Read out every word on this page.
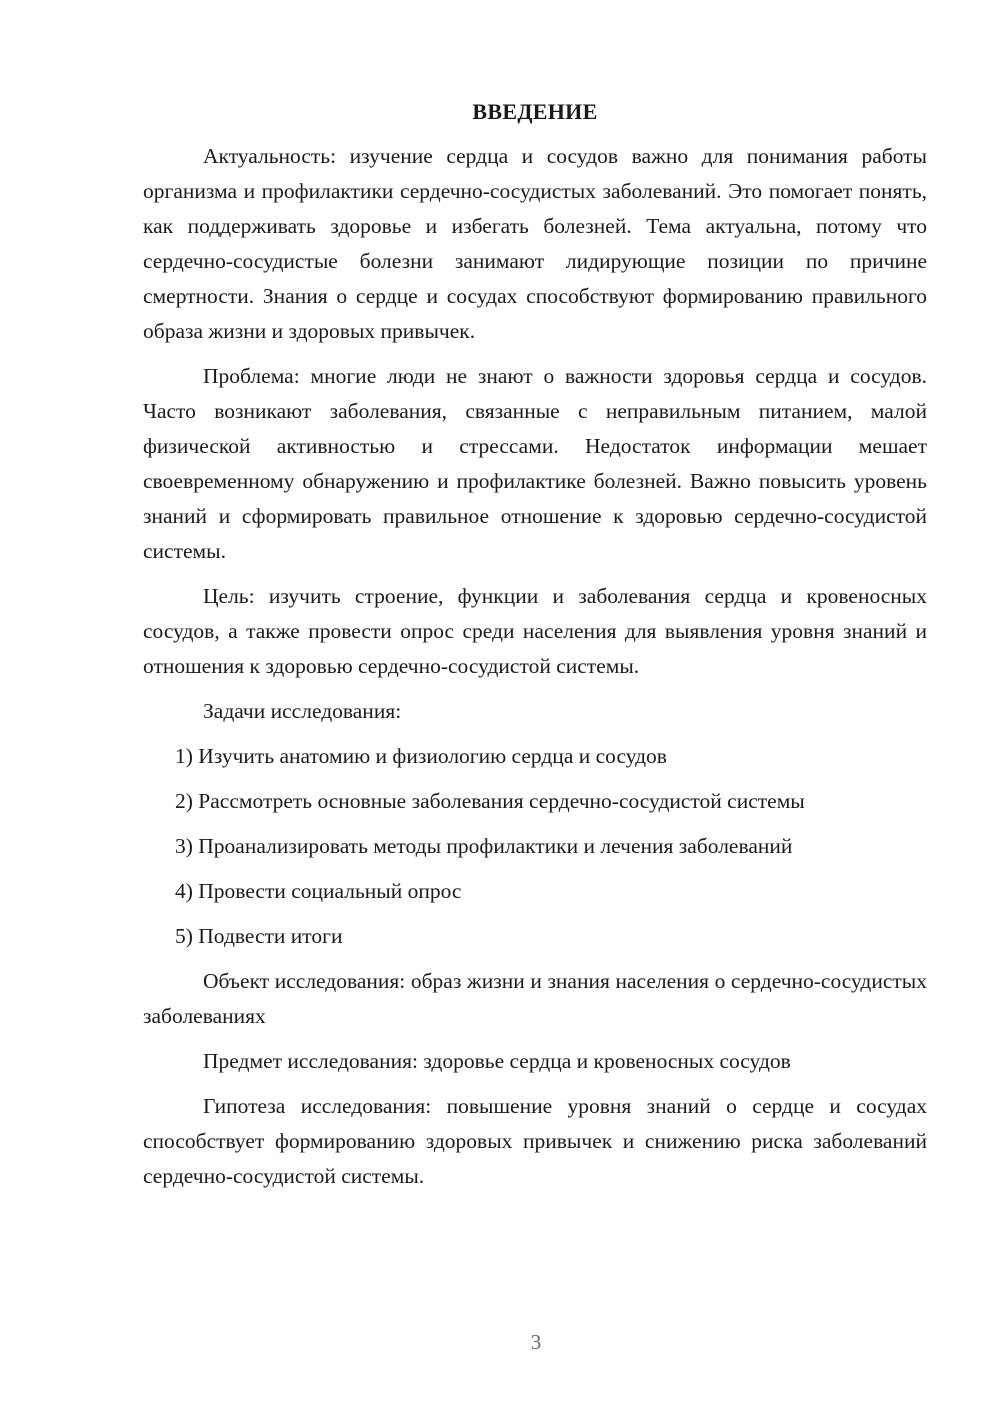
ВВЕДЕНИЕ

Актуальность: изучение сердца и сосудов важно для понимания работы организма и профилактики сердечно-сосудистых заболеваний. Это помогает понять, как поддерживать здоровье и избегать болезней. Тема актуальна, потому что сердечно-сосудистые болезни занимают лидирующие позиции по причине смертности. Знания о сердце и сосудах способствуют формированию правильного образа жизни и здоровых привычек.

Проблема: многие люди не знают о важности здоровья сердца и сосудов. Часто возникают заболевания, связанные с неправильным питанием, малой физической активностью и стрессами. Недостаток информации мешает своевременному обнаружению и профилактике болезней. Важно повысить уровень знаний и сформировать правильное отношение к здоровью сердечно-сосудистой системы.

Цель: изучить строение, функции и заболевания сердца и кровеносных сосудов, а также провести опрос среди населения для выявления уровня знаний и отношения к здоровью сердечно-сосудистой системы.

Задачи исследования:

1) Изучить анатомию и физиологию сердца и сосудов

2) Рассмотреть основные заболевания сердечно-сосудистой системы

3) Проанализировать методы профилактики и лечения заболеваний

4) Провести социальный опрос

5) Подвести итоги

Объект исследования: образ жизни и знания населения о сердечно-сосудистых заболеваниях

Предмет исследования: здоровье сердца и кровеносных сосудов

Гипотеза исследования: повышение уровня знаний о сердце и сосудах способствует формированию здоровых привычек и снижению риска заболеваний сердечно-сосудистой системы.

3
